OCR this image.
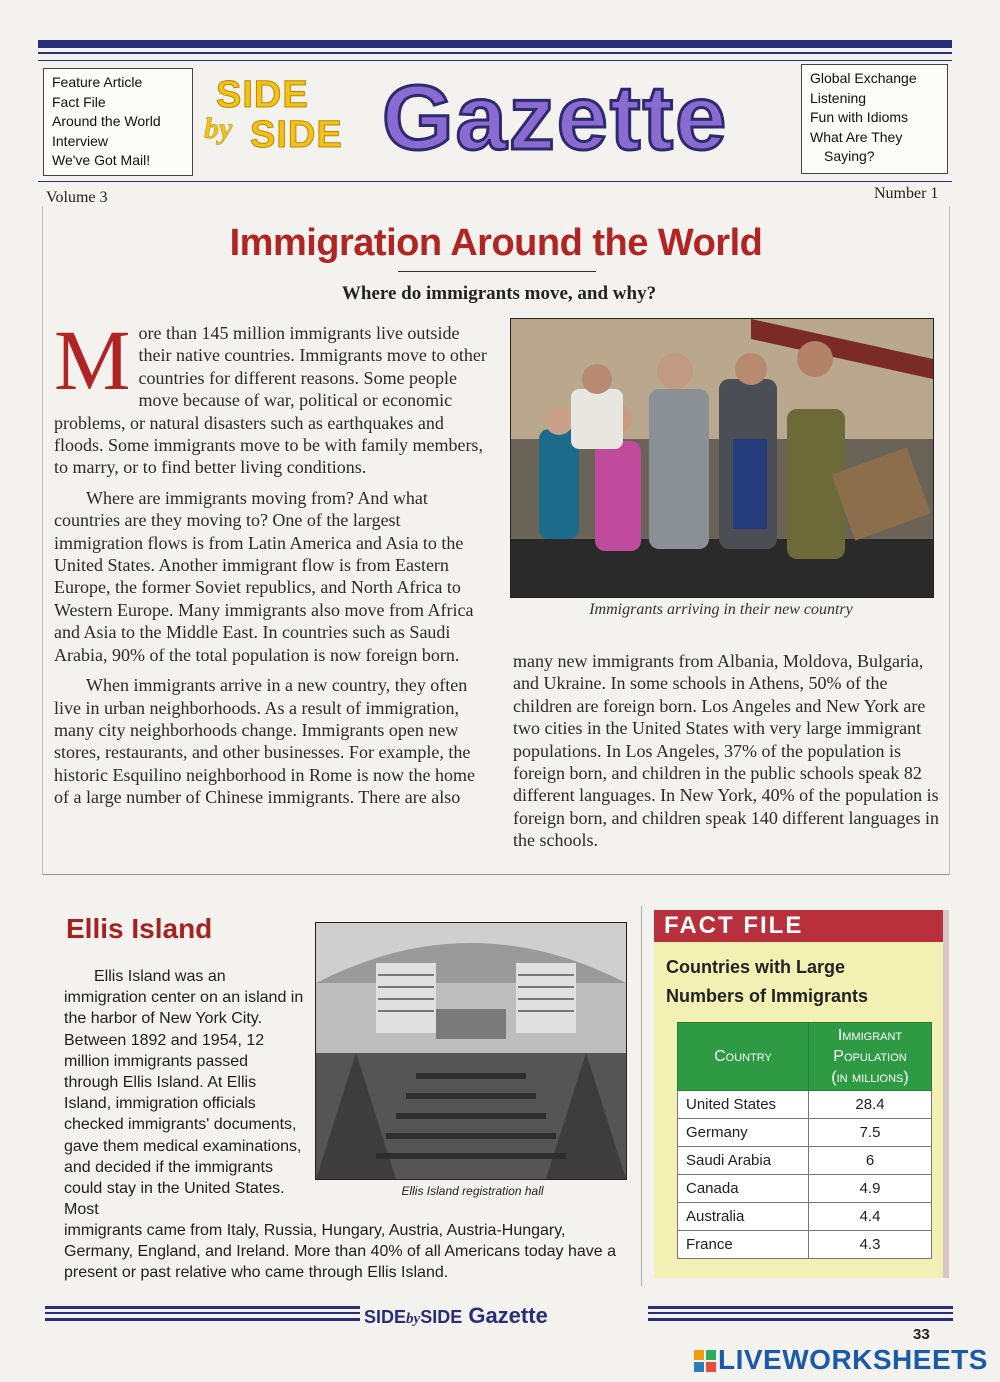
Feature Article
Fact File
Around the World
Interview
We've Got Mail!
SIDE
by SIDE Gazette	Global Exchange
Listening
Fun with Idioms
What Are They
Saying?
Volume 3	Number 1
Immigration Around the World
Where do immigrants move, and why?
M ore than 145 million immigrants live outside their native countries. Immigrants move to other countries for different reasons. Some people move because of war, political or economic problems, or natural disasters such as earthquakes and floods. Some immigrants move to be with family members, to marry, or to find better living conditions.

Where are immigrants moving from? And what countries are they moving to? One of the largest immigration flows is from Latin America and Asia to the United States. Another immigrant flow is from Eastern Europe, the former Soviet republics, and North Africa to Western Europe. Many immigrants also move from Africa and Asia to the Middle East. In countries such as Saudi Arabia, 90% of the total population is now foreign born.

When immigrants arrive in a new country, they often live in urban neighborhoods. As a result of immigration, many city neighborhoods change. Immigrants open new stores, restaurants, and other businesses. For example, the historic Esquilino neighborhood in Rome is now the home of a large number of Chinese immigrants. There are also

Immigrants arriving in their new country

many new immigrants from Albania, Moldova, Bulgaria, and Ukraine. In some schools in Athens, 50% of the children are foreign born. Los Angeles and New York are two cities in the United States with very large immigrant populations. In Los Angeles, 37% of the population is foreign born, and children in the public schools speak 82 different languages. In New York, 40% of the population is foreign born, and children speak 140 different languages in the schools.

Ellis Island
Ellis Island registration hall
Ellis Island was an immigration center on an island in the harbor of New York City. Between 1892 and 1954, 12 million immigrants passed through Ellis Island. At Ellis Island, immigration officials checked immigrants' documents, gave them medical examinations, and decided if the immigrants could stay in the United States. Most
immigrants came from Italy, Russia, Hungary, Austria, Austria-Hungary, Germany, England, and Ireland. More than 40% of all Americans today have a present or past relative who came through Ellis Island.
FACT FILE
Countries with Large Numbers of Immigrants
Country	Immigrant
Population
(in millions)

United States	28.4
Germany	7.5
Saudi Arabia	6
Canada	4.9
Australia	4.4
France	4.3
SIDEbySIDE Gazette
33
LIVEWORKSHEETS
